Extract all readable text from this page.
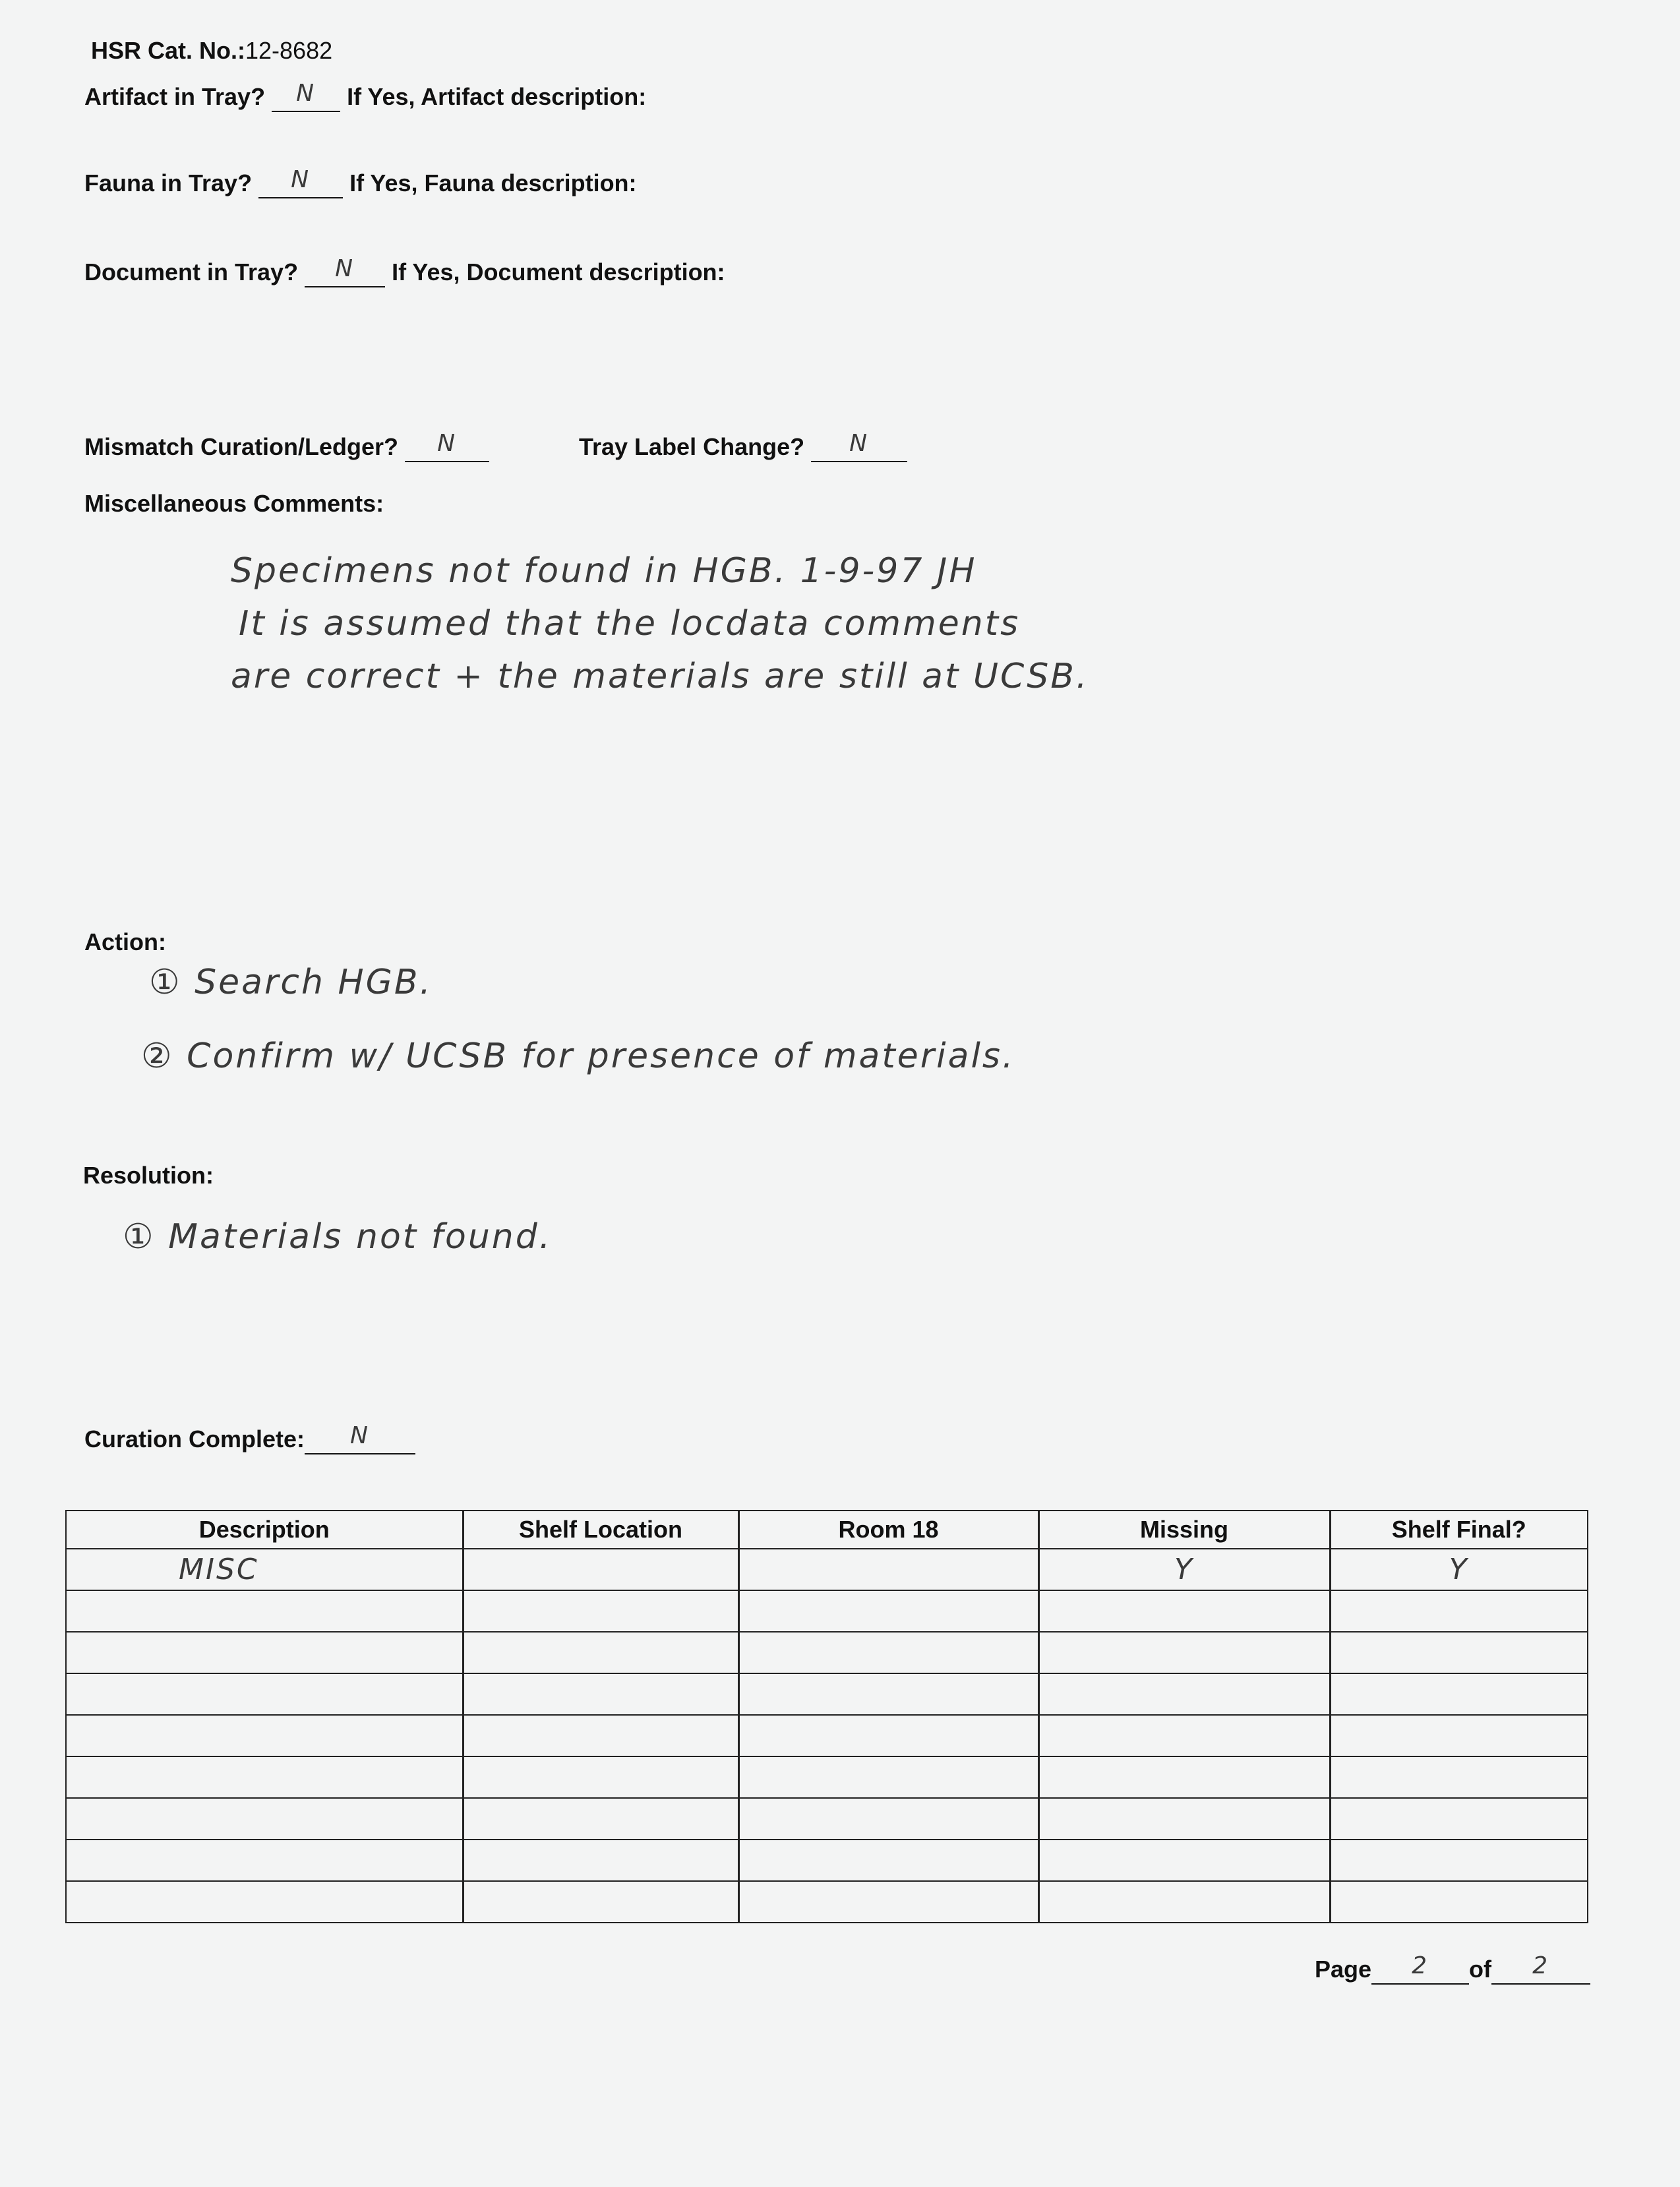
HSR Cat. No.:12-8682
Artifact in Tray? N If Yes, Artifact description:
Fauna in Tray? N If Yes, Fauna description:
Document in Tray? N If Yes, Document description:
Mismatch Curation/Ledger? N	Tray Label Change? N
Miscellaneous Comments:
Specimens not found in HGB. 1-9-97 JH
It is assumed that the locdata comments
are correct + the materials are still at UCSB.
Action:
① Search HGB.
② Confirm w/ UCSB for presence of materials.
Resolution:
① Materials not found.
Curation Complete: N
Description	Shelf Location	Room 18	Missing	Shelf Final?

MISC			Y	Y

Page 2 of 2
